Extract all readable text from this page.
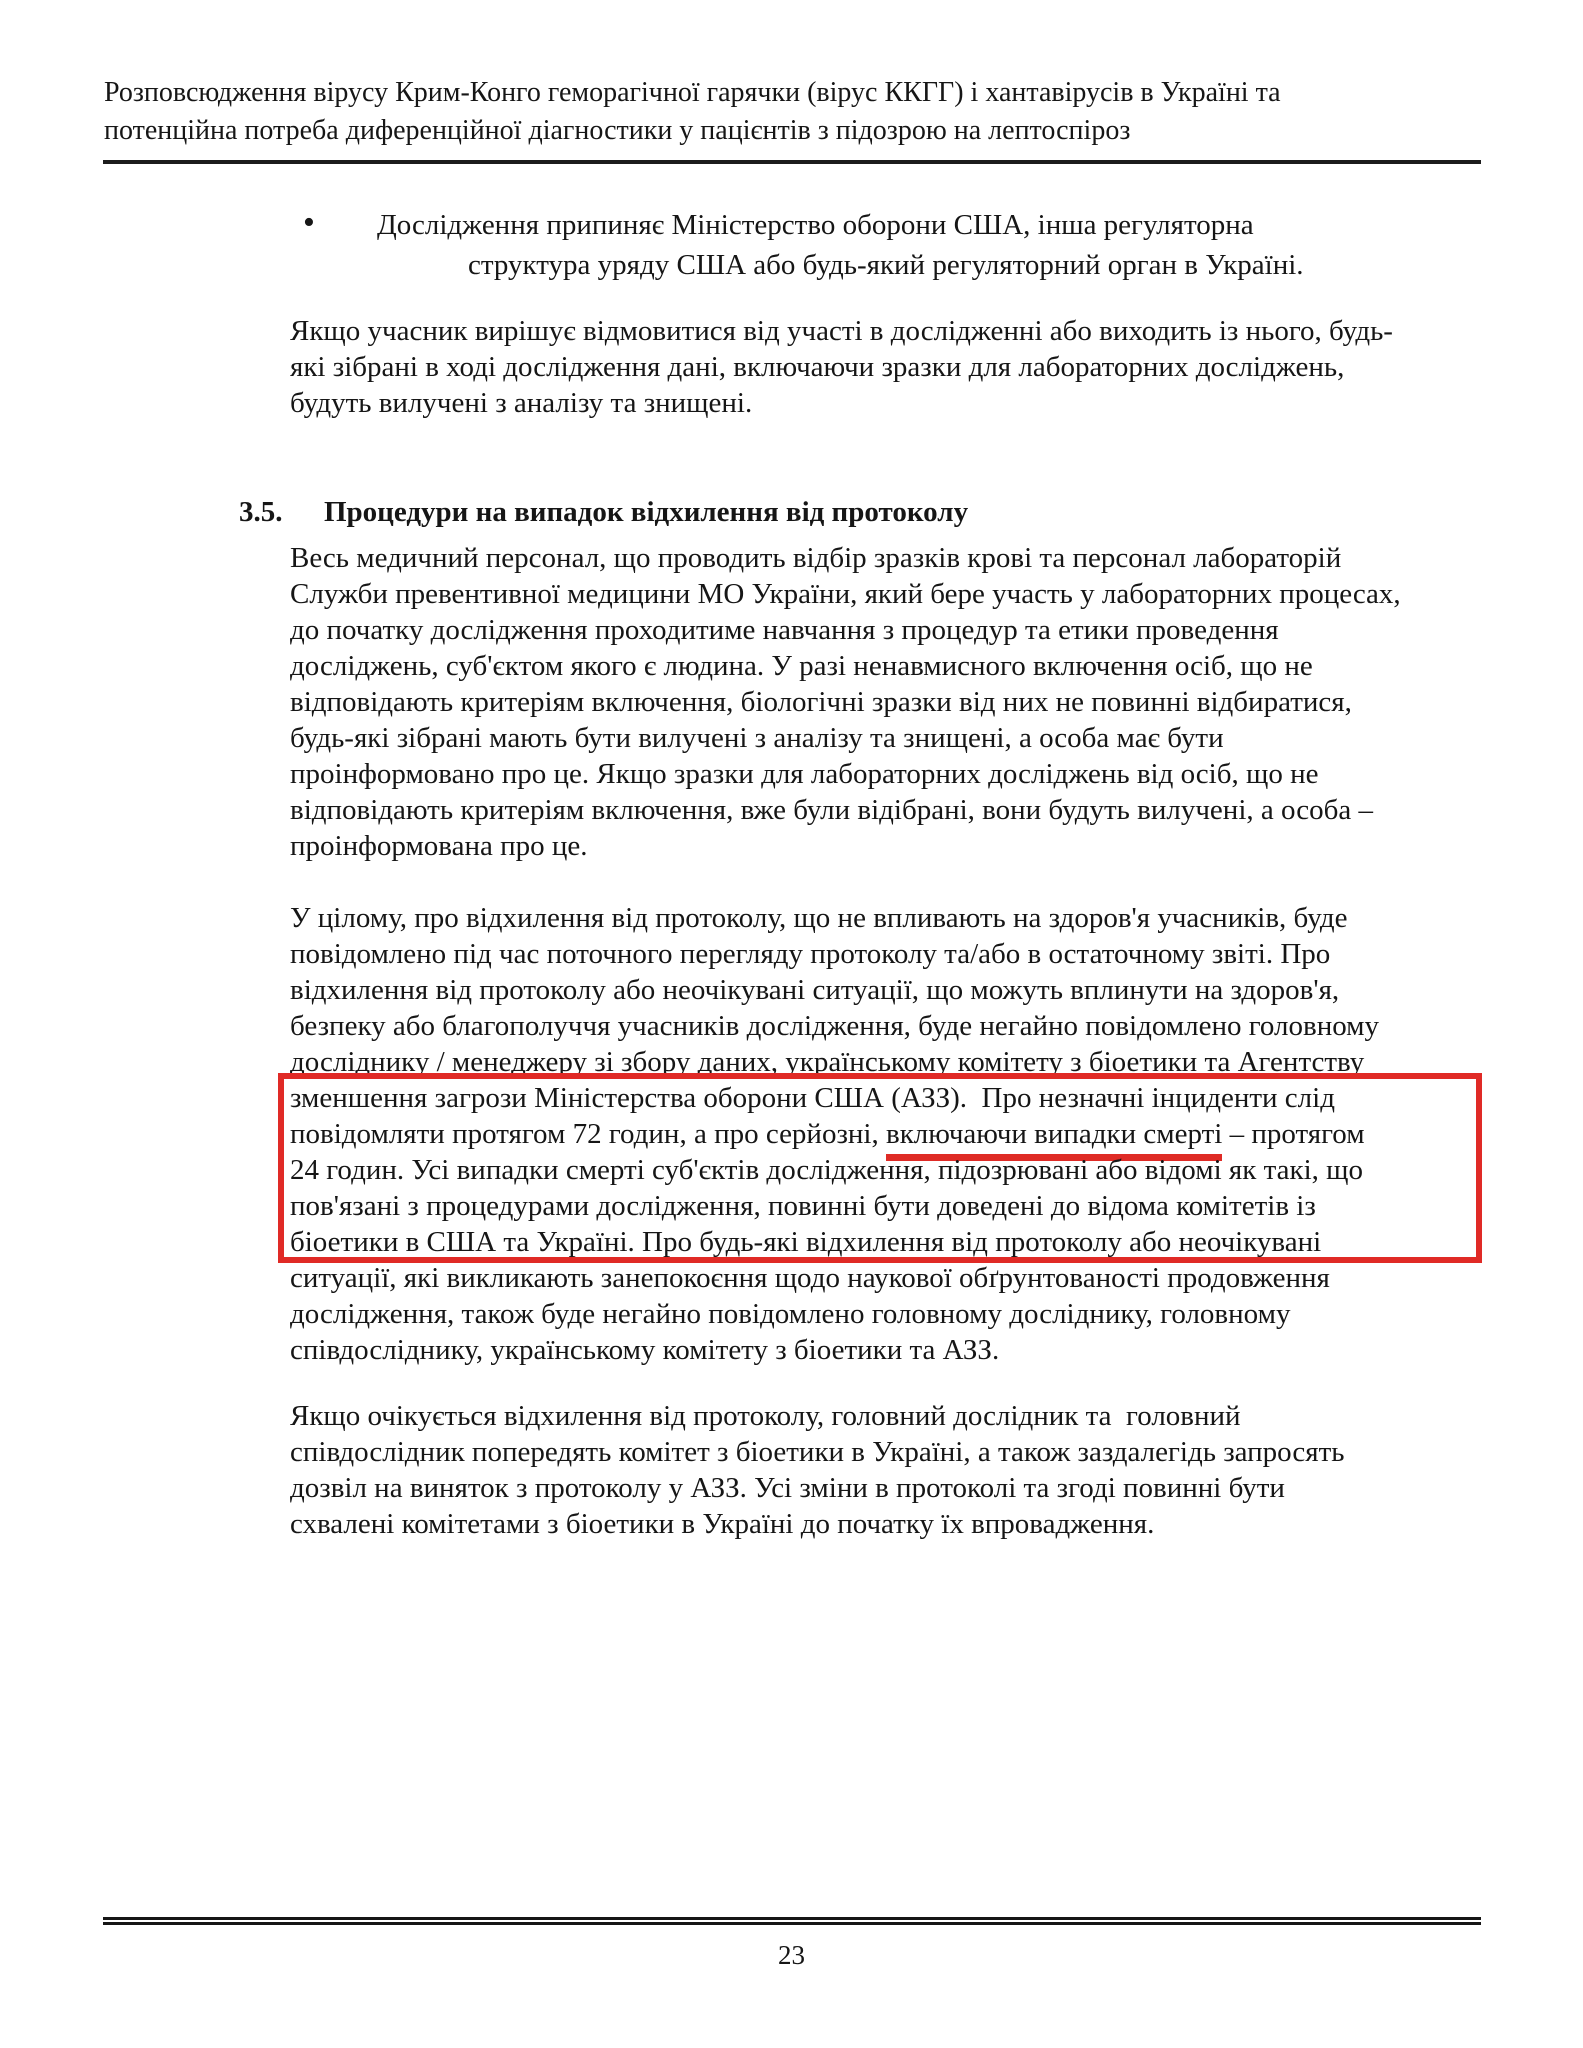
Розповсюдження вірусу Крим-Конго геморагічної гарячки (вірус ККГГ) і хантавірусів в Україні та
потенційна потреба диференційної діагностики у пацієнтів з підозрою на лептоспіроз
• Дослідження припиняє Міністерство оборони США, інша регуляторна
структура уряду США або будь-який регуляторний орган в Україні.
Якщо учасник вирішує відмовитися від участі в дослідженні або виходить із нього, будь-
які зібрані в ході дослідження дані, включаючи зразки для лабораторних досліджень,
будуть вилучені з аналізу та знищені.

3.5. Процедури на випадок відхилення від протоколу

Весь медичний персонал, що проводить відбір зразків крові та персонал лабораторій
Служби превентивної медицини МО України, який бере участь у лабораторних процесах,
до початку дослідження проходитиме навчання з процедур та етики проведення
досліджень, суб'єктом якого є людина. У разі ненавмисного включення осіб, що не
відповідають критеріям включення, біологічні зразки від них не повинні відбиратися,
будь-які зібрані мають бути вилучені з аналізу та знищені, а особа має бути
проінформовано про це. Якщо зразки для лабораторних досліджень від осіб, що не
відповідають критеріям включення, вже були відібрані, вони будуть вилучені, а особа –
проінформована про це.
У цілому, про відхилення від протоколу, що не впливають на здоров'я учасників, буде
повідомлено під час поточного перегляду протоколу та/або в остаточному звіті. Про
відхилення від протоколу або неочікувані ситуації, що можуть вплинути на здоров'я,
безпеку або благополуччя учасників дослідження, буде негайно повідомлено головному
досліднику / менеджеру зі збору даних, українському комітету з біоетики та Агентству
зменшення загрози Міністерства оборони США (АЗЗ).  Про незначні інциденти слід
повідомляти протягом 72 годин, а про серйозні, включаючи випадки смерті – протягом
24 годин. Усі випадки смерті суб'єктів дослідження, підозрювані або відомі як такі, що
пов'язані з процедурами дослідження, повинні бути доведені до відома комітетів із
біоетики в США та Україні. Про будь-які відхилення від протоколу або неочікувані
ситуації, які викликають занепокоєння щодо наукової обґрунтованості продовження
дослідження, також буде негайно повідомлено головному досліднику, головному
співдосліднику, українському комітету з біоетики та АЗЗ.
Якщо очікується відхилення від протоколу, головний дослідник та  головний
співдослідник попередять комітет з біоетики в Україні, а також заздалегідь запросять
дозвіл на виняток з протоколу у АЗЗ. Усі зміни в протоколі та згоді повинні бути
схвалені комітетами з біоетики в Україні до початку їх впровадження.
23
